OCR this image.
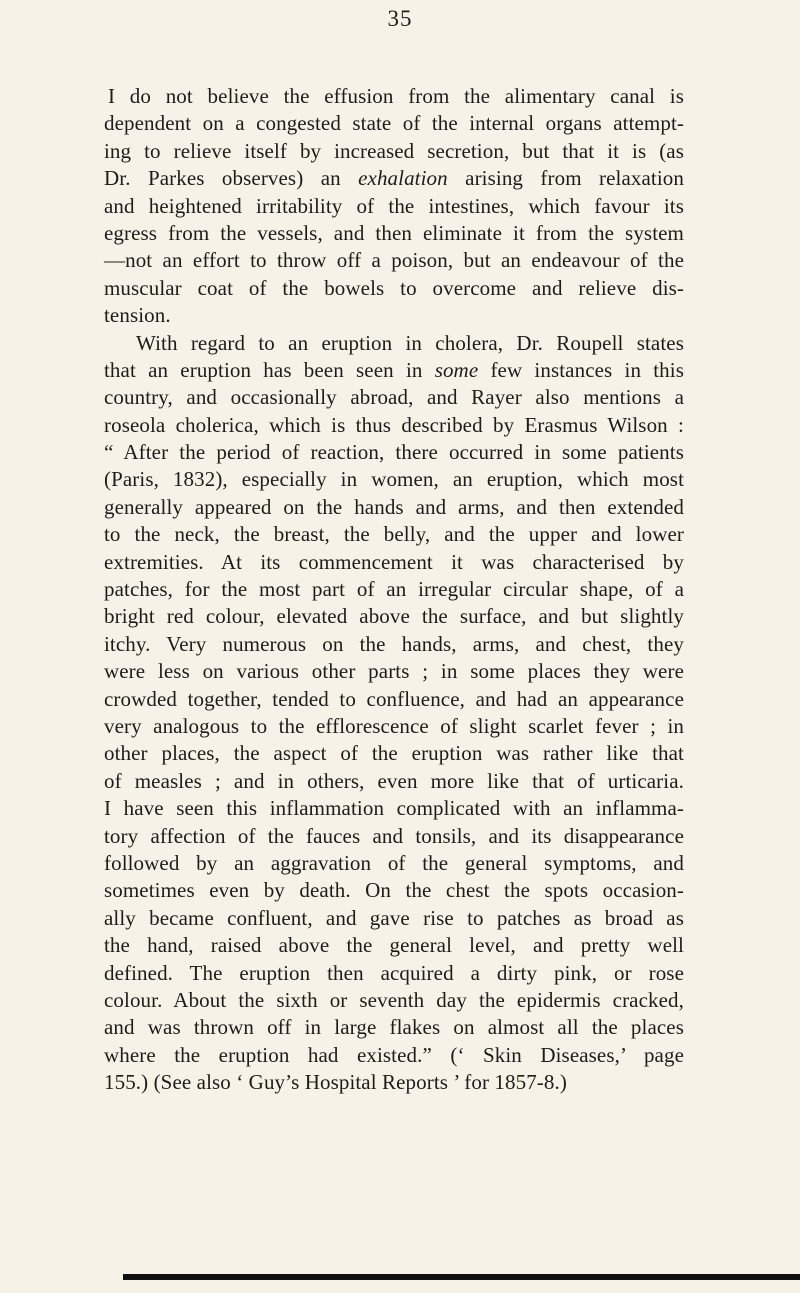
35
I do not believe the effusion from the alimentary canal is
dependent on a congested state of the internal organs attempt-
ing to relieve itself by increased secretion, but that it is (as
Dr. Parkes observes) an exhalation arising from relaxation
and heightened irritability of the intestines, which favour its
egress from the vessels, and then eliminate it from the system
—not an effort to throw off a poison, but an endeavour of the
muscular coat of the bowels to overcome and relieve dis-
tension.
With regard to an eruption in cholera, Dr. Roupell states
that an eruption has been seen in some few instances in this
country, and occasionally abroad, and Rayer also mentions a
roseola cholerica, which is thus described by Erasmus Wilson :
“ After the period of reaction, there occurred in some patients
(Paris, 1832), especially in women, an eruption, which most
generally appeared on the hands and arms, and then extended
to the neck, the breast, the belly, and the upper and lower
extremities. At its commencement it was characterised by
patches, for the most part of an irregular circular shape, of a
bright red colour, elevated above the surface, and but slightly
itchy. Very numerous on the hands, arms, and chest, they
were less on various other parts ; in some places they were
crowded together, tended to confluence, and had an appearance
very analogous to the efflorescence of slight scarlet fever ; in
other places, the aspect of the eruption was rather like that
of measles ; and in others, even more like that of urticaria.
I have seen this inflammation complicated with an inflamma-
tory affection of the fauces and tonsils, and its disappearance
followed by an aggravation of the general symptoms, and
sometimes even by death. On the chest the spots occasion-
ally became confluent, and gave rise to patches as broad as
the hand, raised above the general level, and pretty well
defined. The eruption then acquired a dirty pink, or rose
colour. About the sixth or seventh day the epidermis cracked,
and was thrown off in large flakes on almost all the places
where the eruption had existed.” (‘ Skin Diseases,’ page
155.) (See also ‘ Guy’s Hospital Reports ’ for 1857-8.)
